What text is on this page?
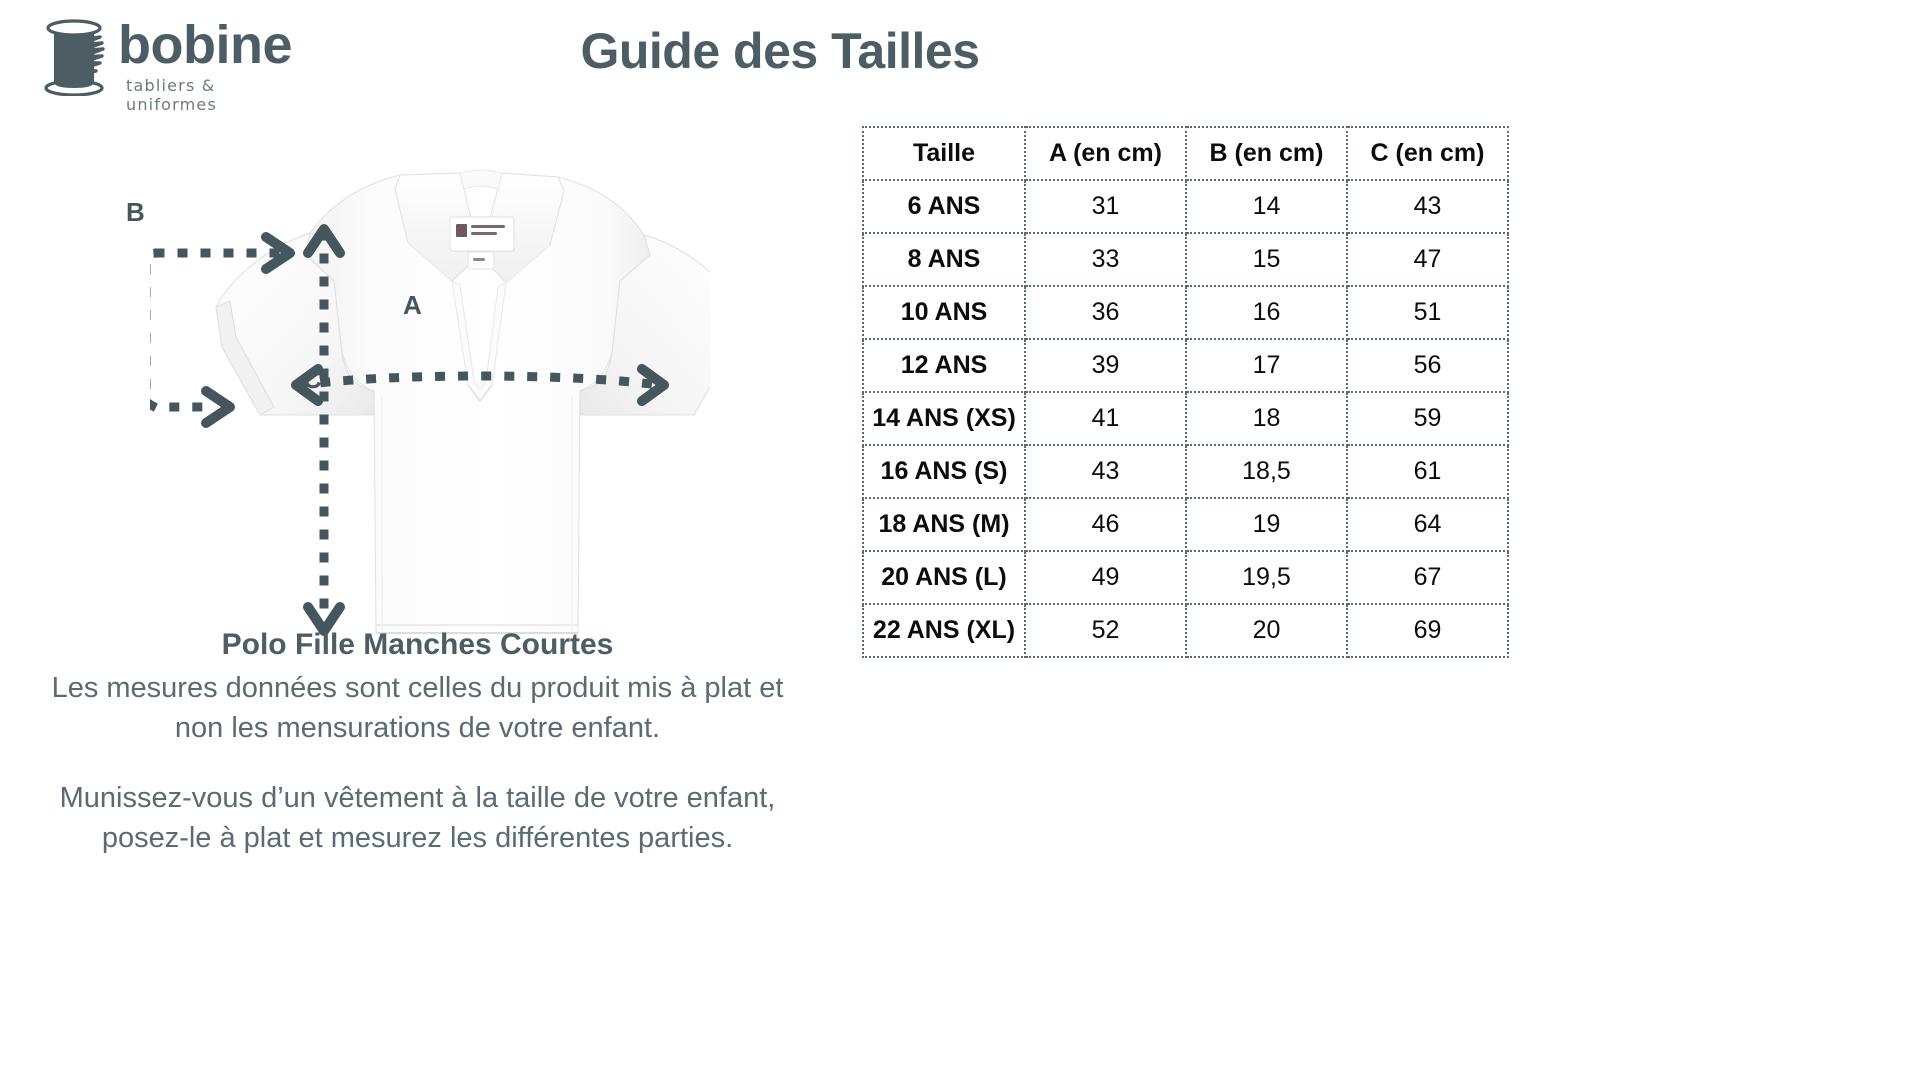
bobine
tabliers & uniformes
Guide des Tailles
A
B
C
Polo Fille Manches Courtes
Les mesures données sont celles du produit mis à plat et
non les mensurations de votre enfant.
Munissez-vous d’un vêtement à la taille de votre enfant,
posez-le à plat et mesurez les différentes parties.
Taille	A (en cm)	B (en cm)	C (en cm)
6 ANS	31	14	43
8 ANS	33	15	47
10 ANS	36	16	51
12 ANS	39	17	56
14 ANS (XS)	41	18	59
16 ANS (S)	43	18,5	61
18 ANS (M)	46	19	64
20 ANS (L)	49	19,5	67
22 ANS (XL)	52	20	69
